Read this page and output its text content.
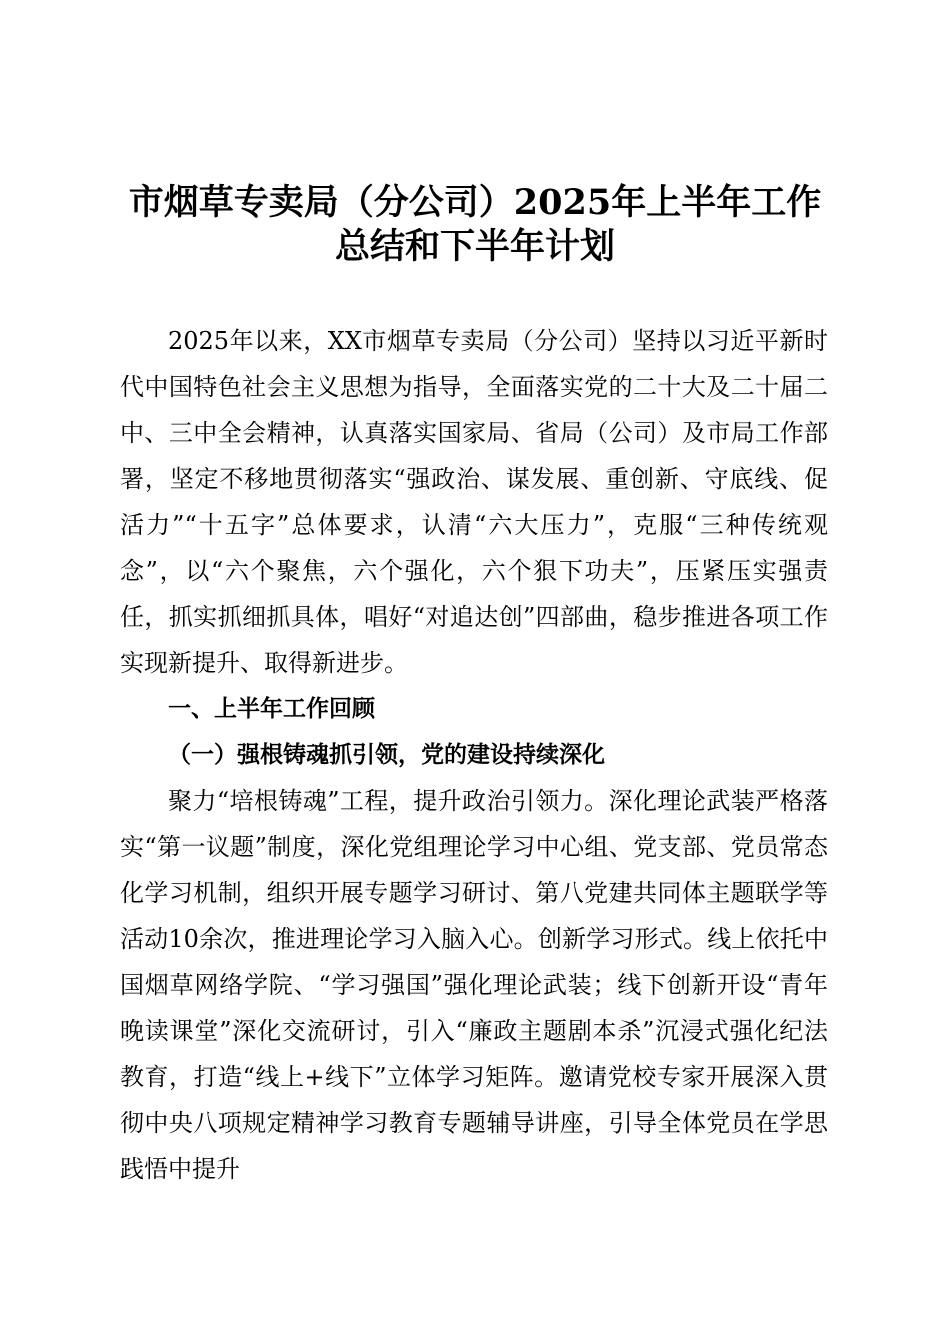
市烟草专卖局（分公司）2025年上半年工作
总结和下半年计划

2025年以来，XX市烟草专卖局（分公司）坚持以习近平新时代中国特色社会主义思想为指导，全面落实党的二十大及二十届二中、三中全会精神，认真落实国家局、省局（公司）及市局工作部署，坚定不移地贯彻落实“强政治、谋发展、重创新、守底线、促活力”“十五字”总体要求，认清“六大压力”，克服“三种传统观念”，以“六个聚焦，六个强化，六个狠下功夫”，压紧压实强责任，抓实抓细抓具体，唱好“对追达创”四部曲，稳步推进各项工作实现新提升、取得新进步。

一、上半年工作回顾

（一）强根铸魂抓引领，党的建设持续深化

聚力“培根铸魂”工程，提升政治引领力。深化理论武装严格落实“第一议题”制度，深化党组理论学习中心组、党支部、党员常态化学习机制，组织开展专题学习研讨、第八党建共同体主题联学等活动10余次，推进理论学习入脑入心。创新学习形式。线上依托中国烟草网络学院、“学习强国”强化理论武装；线下创新开设“青年晚读课堂”深化交流研讨，引入“廉政主题剧本杀”沉浸式强化纪法教育，打造“线上+线下”立体学习矩阵。邀请党校专家开展深入贯彻中央八项规定精神学习教育专题辅导讲座，引导全体党员在学思践悟中提升
